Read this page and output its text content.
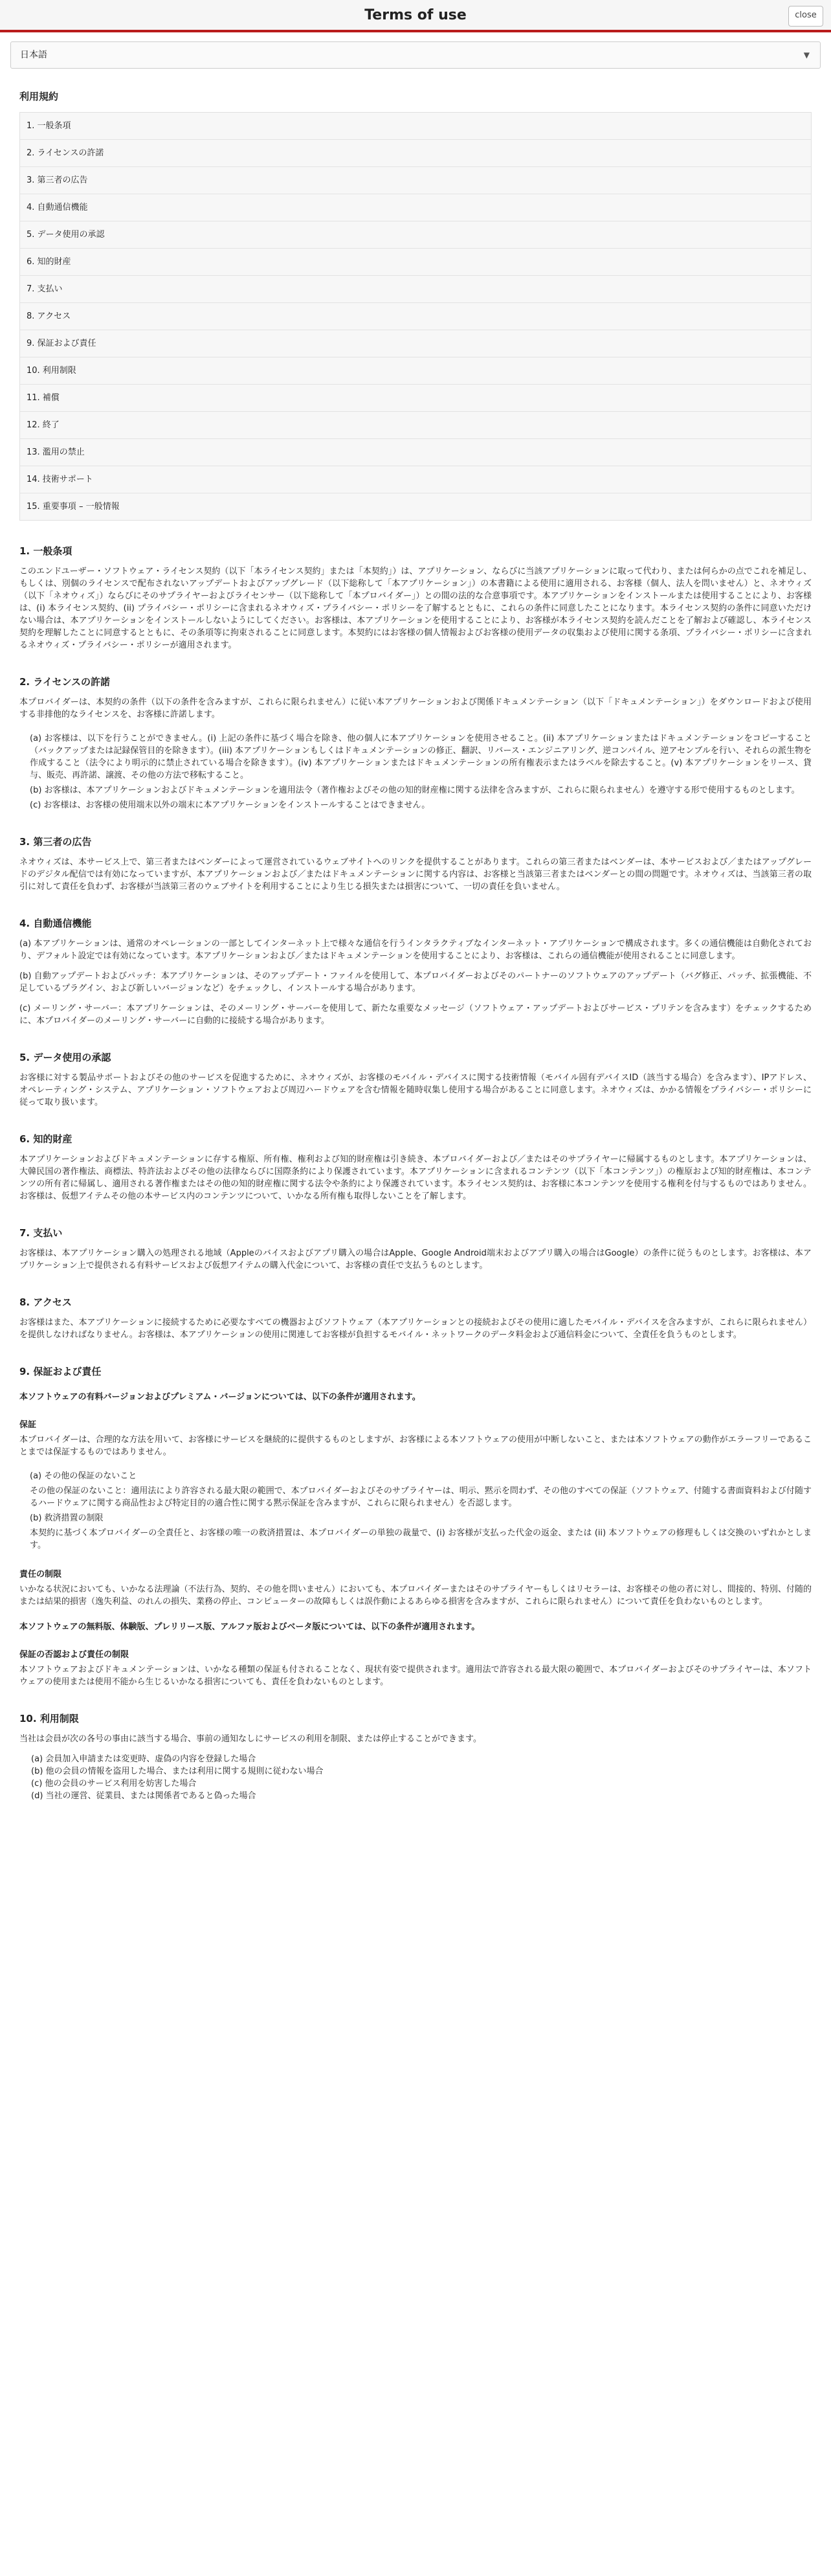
Terms of use	close
日本語	▼
利用規約
1. 一般条項
2. ライセンスの許諾
3. 第三者の広告
4. 自動通信機能
5. データ使用の承認
6. 知的財産
7. 支払い
8. アクセス
9. 保証および責任
10. 利用制限
11. 補償
12. 終了
13. 濫用の禁止
14. 技術サポート
15. 重要事項 – 一般情報
1. 一般条項

このエンドユーザー・ソフトウェア・ライセンス契約（以下「本ライセンス契約」または「本契約」）は、アプリケーション、ならびに当該アプリケーションに取って代わり、または何らかの点でこれを補足し、もしくは、別個のライセンスで配布されないアップデートおよびアップグレード（以下総称して「本アプリケーション」）の本書籍による使用に適用される、お客様（個人、法人を問いません）と、ネオウィズ（以下「ネオウィズ」）ならびにそのサプライヤーおよびライセンサー（以下総称して「本プロバイダー」）との間の法的な合意事項です。本アプリケーションをインストールまたは使用することにより、お客様は、(i) 本ライセンス契約、(ii) プライバシー・ポリシーに含まれるネオウィズ・プライバシー・ポリシーを了解するとともに、これらの条件に同意したことになります。本ライセンス契約の条件に同意いただけない場合は、本アプリケーションをインストールしないようにしてください。お客様は、本アプリケーションを使用することにより、お客様が本ライセンス契約を読んだことを了解および確認し、本ライセンス契約を理解したことに同意するとともに、その条項等に拘束されることに同意します。本契約にはお客様の個人情報およびお客様の使用データの収集および使用に関する条項、プライバシー・ポリシーに含まれるネオウィズ・プライバシー・ポリシーが適用されます。

2. ライセンスの許諾

本プロバイダーは、本契約の条件（以下の条件を含みますが、これらに限られません）に従い本アプリケーションおよび関係ドキュメンテーション（以下「ドキュメンテーション」）をダウンロードおよび使用する非排他的なライセンスを、お客様に許諾します。

(a) お客様は、以下を行うことができません。(i) 上記の条件に基づく場合を除き、他の個人に本アプリケーションを使用させること。(ii) 本アプリケーションまたはドキュメンテーションをコピーすること（バックアップまたは記録保管目的を除きます）。(iii) 本アプリケーションもしくはドキュメンテーションの修正、翻訳、リバース・エンジニアリング、逆コンパイル、逆アセンブルを行い、それらの派生物を作成すること（法令により明示的に禁止されている場合を除きます）。(iv) 本アプリケーションまたはドキュメンテーションの所有権表示またはラベルを除去すること。(v) 本アプリケーションをリース、貸与、販売、再許諾、譲渡、その他の方法で移転すること。

(b) お客様は、本アプリケーションおよびドキュメンテーションを適用法令（著作権およびその他の知的財産権に関する法律を含みますが、これらに限られません）を遵守する形で使用するものとします。

(c) お客様は、お客様の使用端末以外の端末に本アプリケーションをインストールすることはできません。

3. 第三者の広告

ネオウィズは、本サービス上で、第三者またはベンダーによって運営されているウェブサイトへのリンクを提供することがあります。これらの第三者またはベンダーは、本サービスおよび／またはアップグレードのデジタル配信では有効になっていますが、本アプリケーションおよび／またはドキュメンテーションに関する内容は、お客様と当該第三者またはベンダーとの間の問題です。ネオウィズは、当該第三者の取引に対して責任を負わず、お客様が当該第三者のウェブサイトを利用することにより生じる損失または損害について、一切の責任を負いません。

4. 自動通信機能

(a) 本アプリケーションは、通常のオペレーションの一部としてインターネット上で様々な通信を行うインタラクティブなインターネット・アプリケーションで構成されます。多くの通信機能は自動化されており、デフォルト設定では有効になっています。本アプリケーションおよび／またはドキュメンテーションを使用することにより、お客様は、これらの通信機能が使用されることに同意します。

(b) 自動アップデートおよびパッチ：本アプリケーションは、そのアップデート・ファイルを使用して、本プロバイダーおよびそのパートナーのソフトウェアのアップデート（バグ修正、パッチ、拡張機能、不足しているプラグイン、および新しいバージョンなど）をチェックし、インストールする場合があります。

(c) メーリング・サーバー：本アプリケーションは、そのメーリング・サーバーを使用して、新たな重要なメッセージ（ソフトウェア・アップデートおよびサービス・プリテンを含みます）をチェックするために、本プロバイダーのメーリング・サーバーに自動的に接続する場合があります。

5. データ使用の承認

お客様に対する製品サポートおよびその他のサービスを促進するために、ネオウィズが、お客様のモバイル・デバイスに関する技術情報（モバイル固有デバイスID（該当する場合）を含みます）、IPアドレス、オペレーティング・システム、アプリケーション・ソフトウェアおよび周辺ハードウェアを含む情報を随時収集し使用する場合があることに同意します。ネオウィズは、かかる情報をプライバシー・ポリシーに従って取り扱います。

6. 知的財産

本アプリケーションおよびドキュメンテーションに存する権原、所有権、権利および知的財産権は引き続き、本プロバイダーおよび／またはそのサプライヤーに帰属するものとします。本アプリケーションは、大韓民国の著作権法、商標法、特許法およびその他の法律ならびに国際条約により保護されています。本アプリケーションに含まれるコンテンツ（以下「本コンテンツ」）の権原および知的財産権は、本コンテンツの所有者に帰属し、適用される著作権またはその他の知的財産権に関する法令や条約により保護されています。本ライセンス契約は、お客様に本コンテンツを使用する権利を付与するものではありません。お客様は、仮想アイテムその他の本サービス内のコンテンツについて、いかなる所有権も取得しないことを了解します。

7. 支払い

お客様は、本アプリケーション購入の処理される地域（Appleのバイスおよびアプリ購入の場合はApple、Google Android端末およびアプリ購入の場合はGoogle）の条件に従うものとします。お客様は、本アプリケーション上で提供される有料サービスおよび仮想アイテムの購入代金について、お客様の責任で支払うものとします。

8. アクセス

お客様はまた、本アプリケーションに接続するために必要なすべての機器およびソフトウェア（本アプリケーションとの接続およびその使用に適したモバイル・デバイスを含みますが、これらに限られません）を提供しなければなりません。お客様は、本アプリケーションの使用に関連してお客様が負担するモバイル・ネットワークのデータ料金および通信料金について、全責任を負うものとします。

9. 保証および責任
本ソフトウェアの有料バージョンおよびプレミアム・バージョンについては、以下の条件が適用されます。
保証

本プロバイダーは、合理的な方法を用いて、お客様にサービスを継続的に提供するものとしますが、お客様による本ソフトウェアの使用が中断しないこと、または本ソフトウェアの動作がエラーフリーであることまでは保証するものではありません。

(a) その他の保証のないこと

その他の保証のないこと：適用法により許容される最大限の範囲で、本プロバイダーおよびそのサプライヤーは、明示、黙示を問わず、その他のすべての保証（ソフトウェア、付随する書面資料および付随するハードウェアに関する商品性および特定目的の適合性に関する黙示保証を含みますが、これらに限られません）を否認します。

(b) 救済措置の制限

本契約に基づく本プロバイダーの全責任と、お客様の唯一の救済措置は、本プロバイダーの単独の裁量で、(i) お客様が支払った代金の返金、または (ii) 本ソフトウェアの修理もしくは交換のいずれかとします。

責任の制限

いかなる状況においても、いかなる法理論（不法行為、契約、その他を問いません）においても、本プロバイダーまたはそのサプライヤーもしくはリセラーは、お客様その他の者に対し、間接的、特別、付随的または結果的損害（逸失利益、のれんの損失、業務の停止、コンピューターの故障もしくは誤作動によるあらゆる損害を含みますが、これらに限られません）について責任を負わないものとします。

本ソフトウェアの無料版、体験版、プレリリース版、アルファ版およびベータ版については、以下の条件が適用されます。
保証の否認および責任の制限

本ソフトウェアおよびドキュメンテーションは、いかなる種類の保証も付されることなく、現状有姿で提供されます。適用法で許容される最大限の範囲で、本プロバイダーおよびそのサプライヤーは、本ソフトウェアの使用または使用不能から生じるいかなる損害についても、責任を負わないものとします。

10. 利用制限

当社は会員が次の各号の事由に該当する場合、事前の通知なしにサービスの利用を制限、または停止することができます。

(a) 会員加入申請または変更時、虚偽の内容を登録した場合
(b) 他の会員の情報を盗用した場合、または利用に関する規則に従わない場合
(c) 他の会員のサービス利用を妨害した場合
(d) 当社の運営、従業員、または関係者であると偽った場合
